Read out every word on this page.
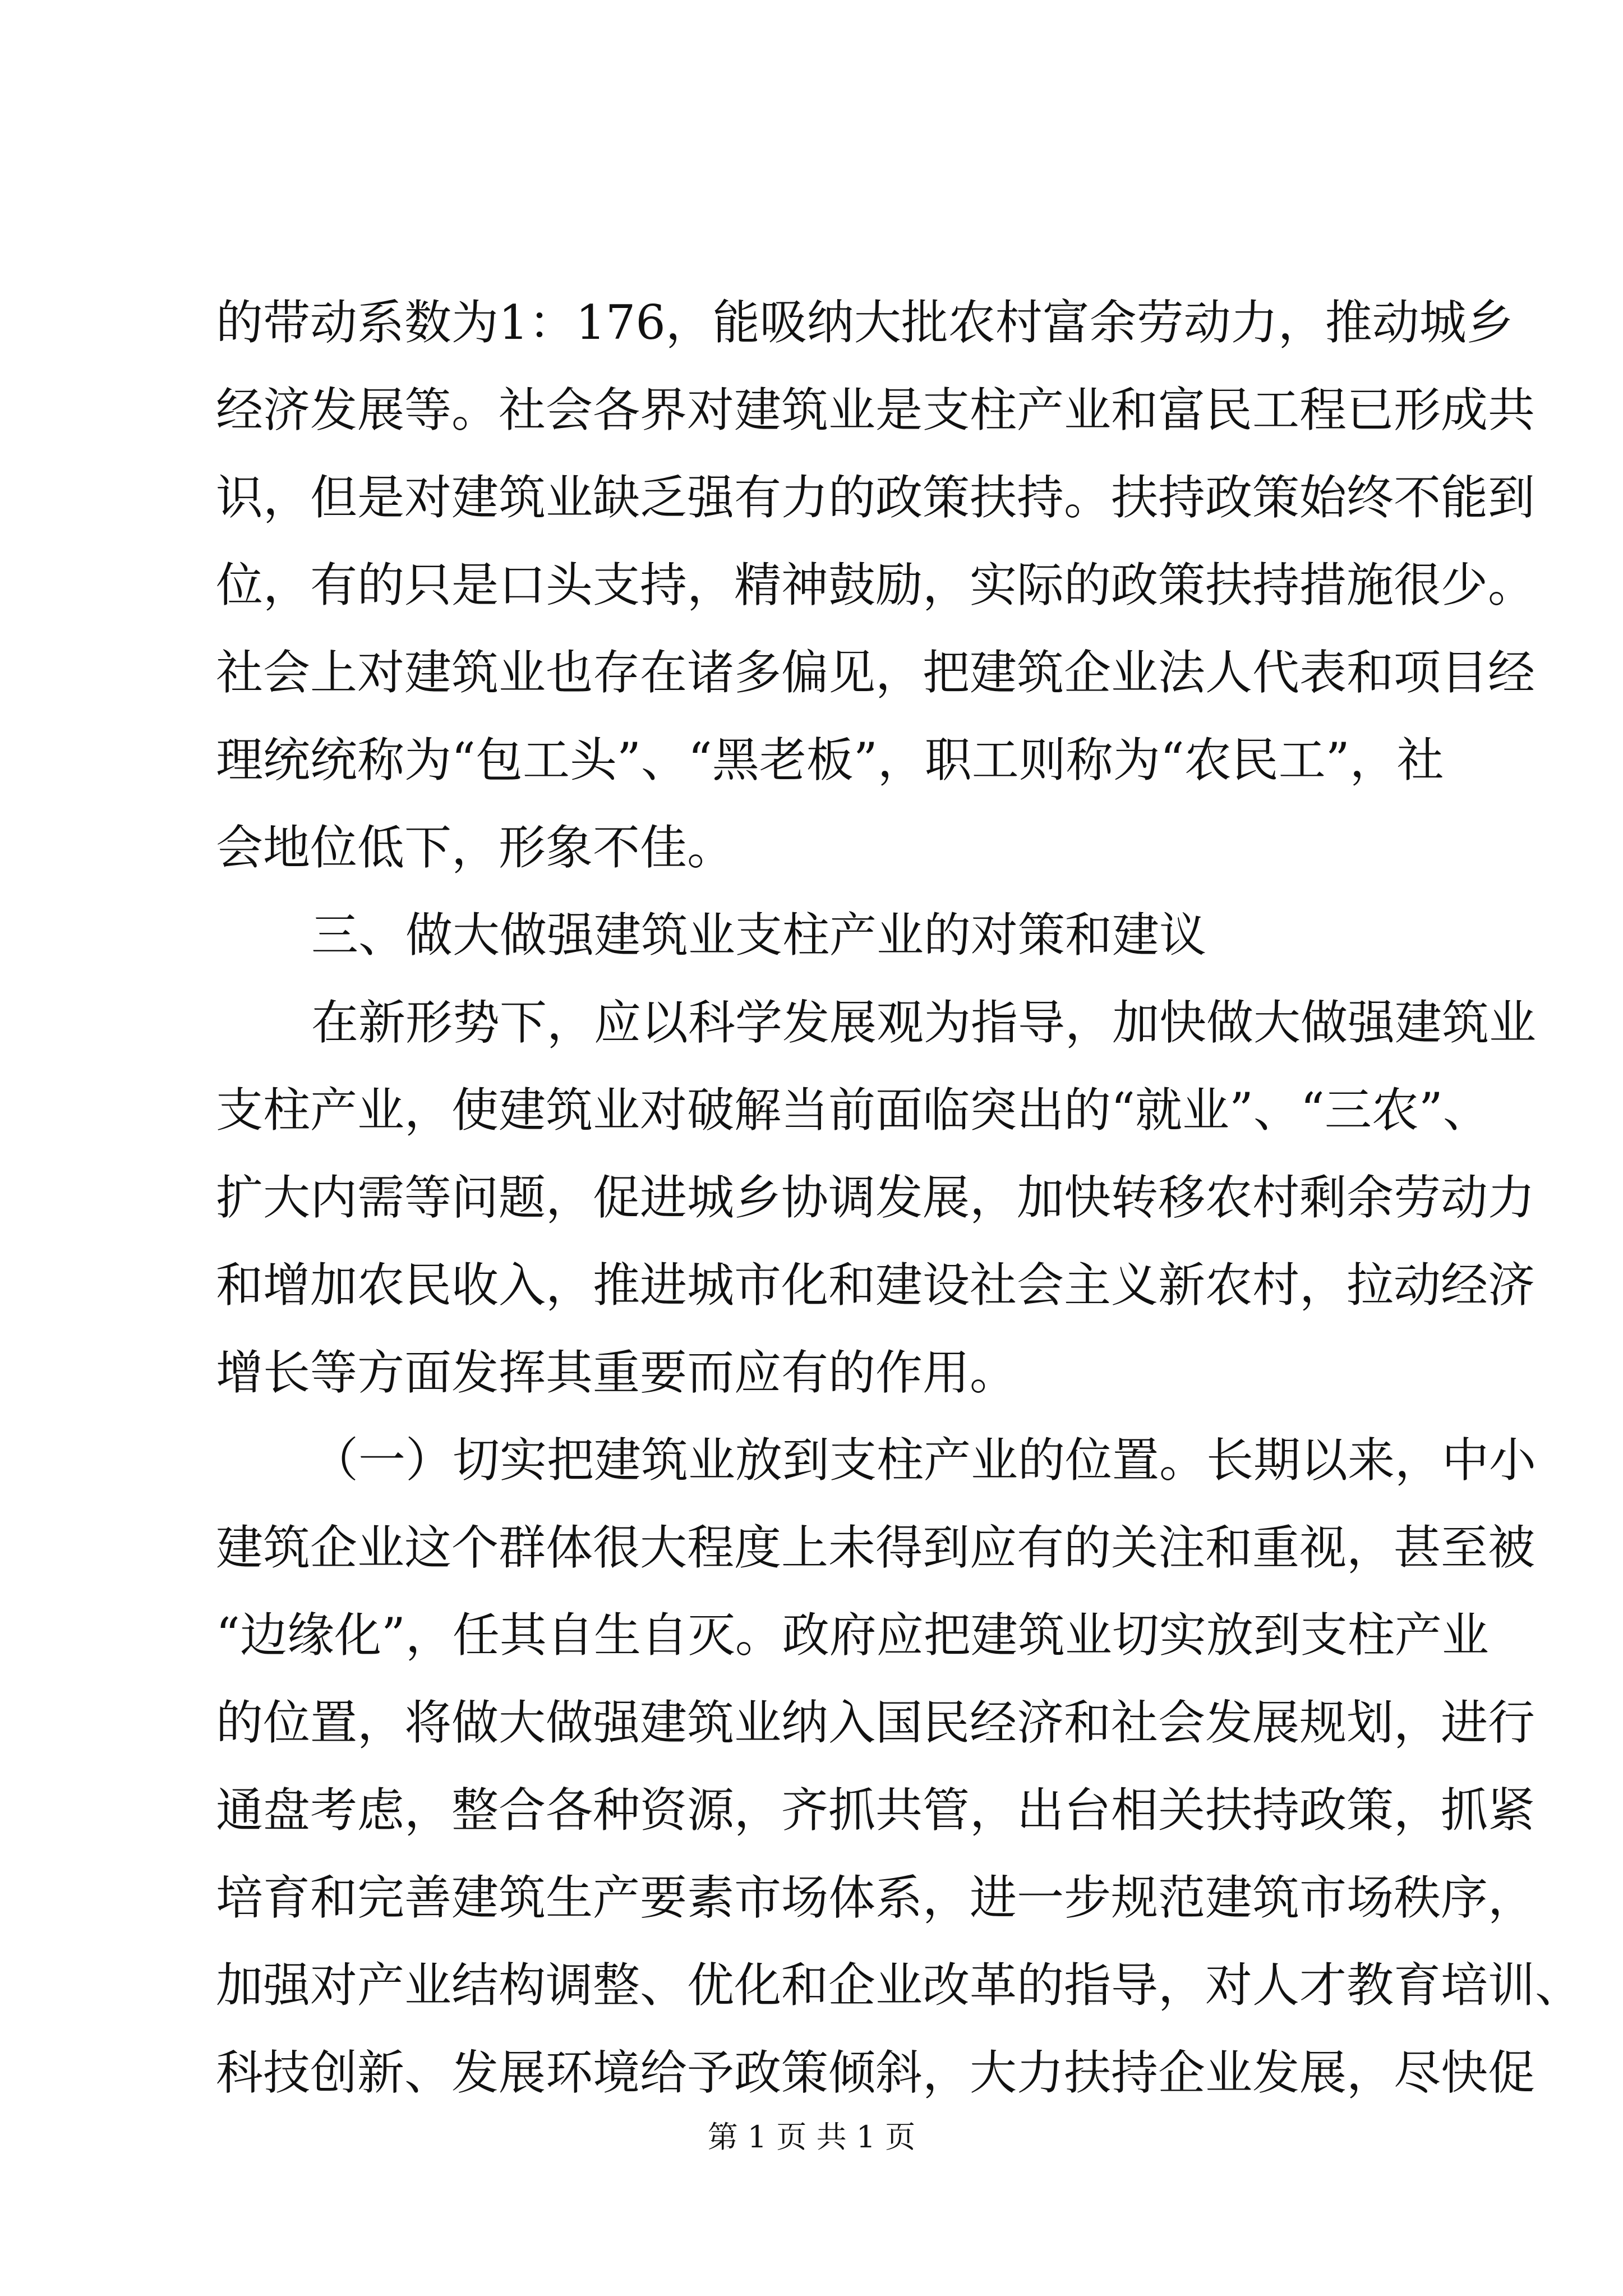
的带动系数为1：176，能吸纳大批农村富余劳动力，推动城乡
经济发展等。社会各界对建筑业是支柱产业和富民工程已形成共
识，但是对建筑业缺乏强有力的政策扶持。扶持政策始终不能到
位，有的只是口头支持，精神鼓励，实际的政策扶持措施很少。
社会上对建筑业也存在诸多偏见，把建筑企业法人代表和项目经
理统统称为“包工头”、“黑老板”，职工则称为“农民工”，社
会地位低下，形象不佳。
三、做大做强建筑业支柱产业的对策和建议
在新形势下，应以科学发展观为指导，加快做大做强建筑业
支柱产业，使建筑业对破解当前面临突出的“就业”、“三农”、
扩大内需等问题，促进城乡协调发展，加快转移农村剩余劳动力
和增加农民收入，推进城市化和建设社会主义新农村，拉动经济
增长等方面发挥其重要而应有的作用。
（一）切实把建筑业放到支柱产业的位置。长期以来，中小
建筑企业这个群体很大程度上未得到应有的关注和重视，甚至被
“边缘化”，任其自生自灭。政府应把建筑业切实放到支柱产业
的位置，将做大做强建筑业纳入国民经济和社会发展规划，进行
通盘考虑，整合各种资源，齐抓共管，出台相关扶持政策，抓紧
培育和完善建筑生产要素市场体系，进一步规范建筑市场秩序，
加强对产业结构调整、优化和企业改革的指导，对人才教育培训、
科技创新、发展环境给予政策倾斜，大力扶持企业发展，尽快促
第 1 页 共 1 页
